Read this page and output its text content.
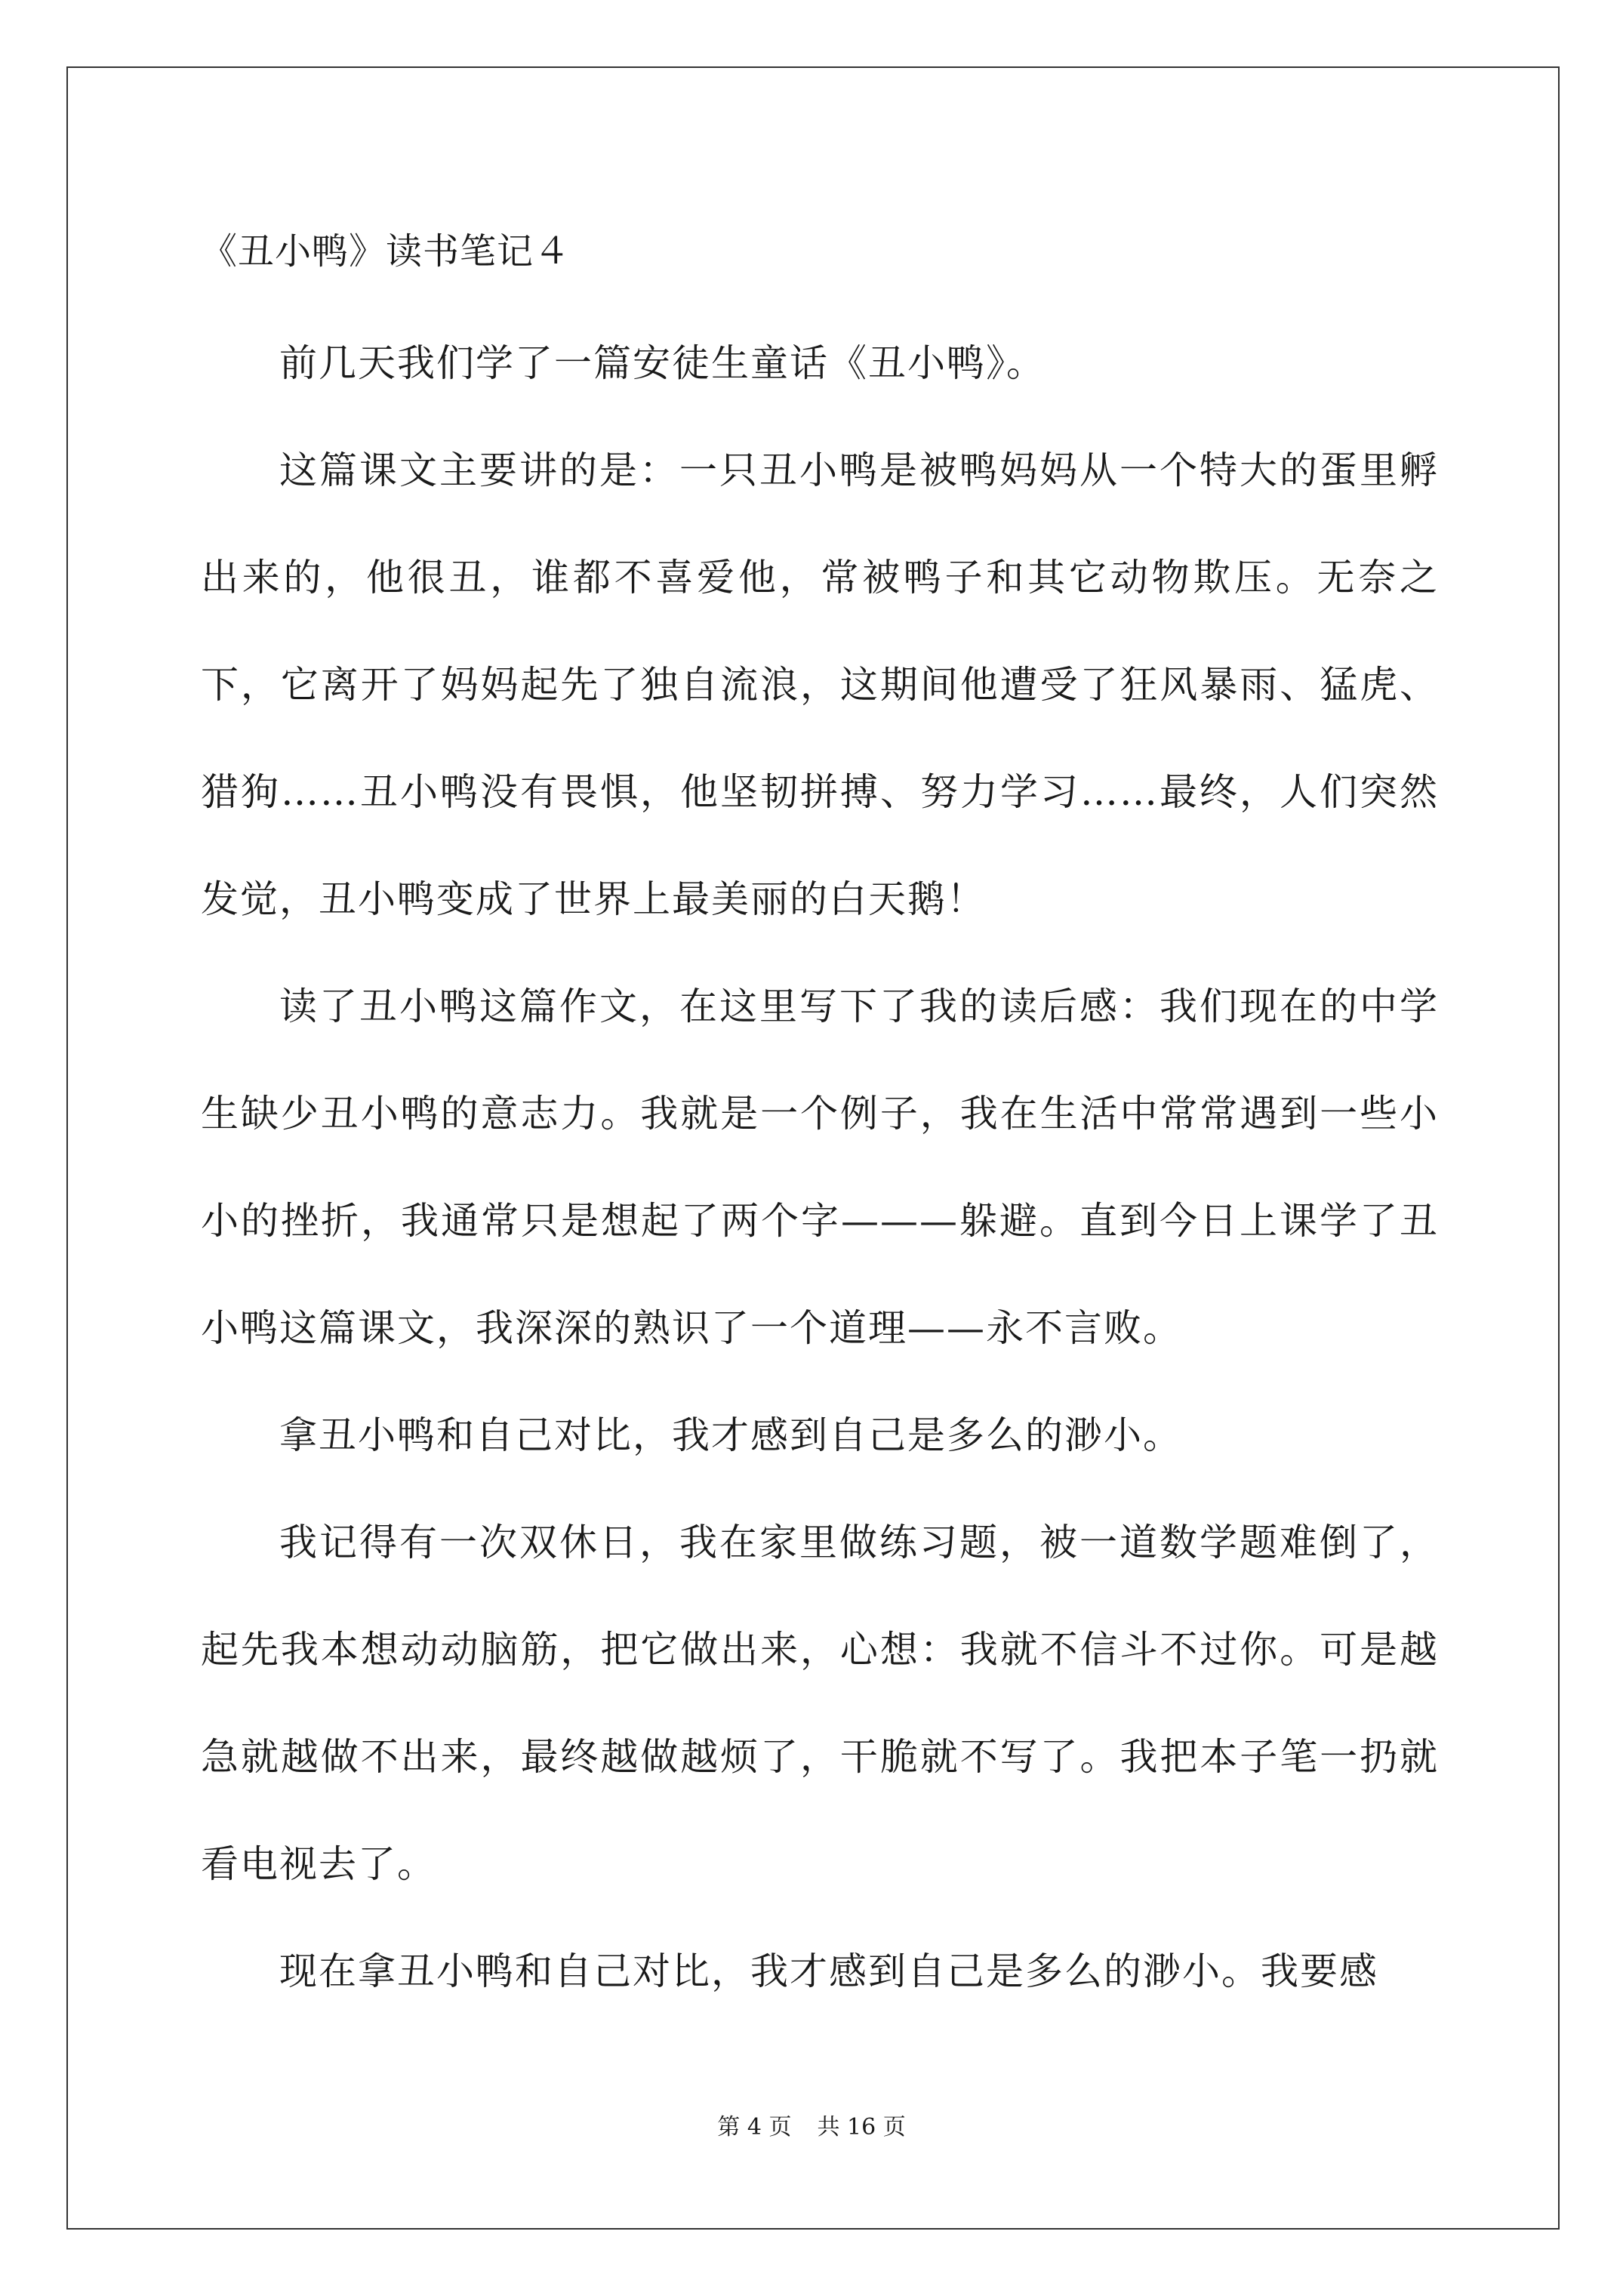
《丑小鸭》读书笔记４

前几天我们学了一篇安徒生童话《丑小鸭》。

这篇课文主要讲的是：一只丑小鸭是被鸭妈妈从一个特大的蛋里孵出来的，他很丑，谁都不喜爱他，常被鸭子和其它动物欺压。无奈之下，它离开了妈妈起先了独自流浪，这期间他遭受了狂风暴雨、猛虎、猎狗……丑小鸭没有畏惧，他坚韧拼搏、努力学习……最终，人们突然发觉，丑小鸭变成了世界上最美丽的白天鹅！

读了丑小鸭这篇作文，在这里写下了我的读后感：我们现在的中学生缺少丑小鸭的意志力。我就是一个例子，我在生活中常常遇到一些小小的挫折，我通常只是想起了两个字———躲避。直到今日上课学了丑小鸭这篇课文，我深深的熟识了一个道理——永不言败。

拿丑小鸭和自己对比，我才感到自己是多么的渺小。

我记得有一次双休日，我在家里做练习题，被一道数学题难倒了，起先我本想动动脑筋，把它做出来，心想：我就不信斗不过你。可是越急就越做不出来，最终越做越烦了，干脆就不写了。我把本子笔一扔就看电视去了。

现在拿丑小鸭和自己对比，我才感到自己是多么的渺小。我要感

第 4 页 共 16 页
